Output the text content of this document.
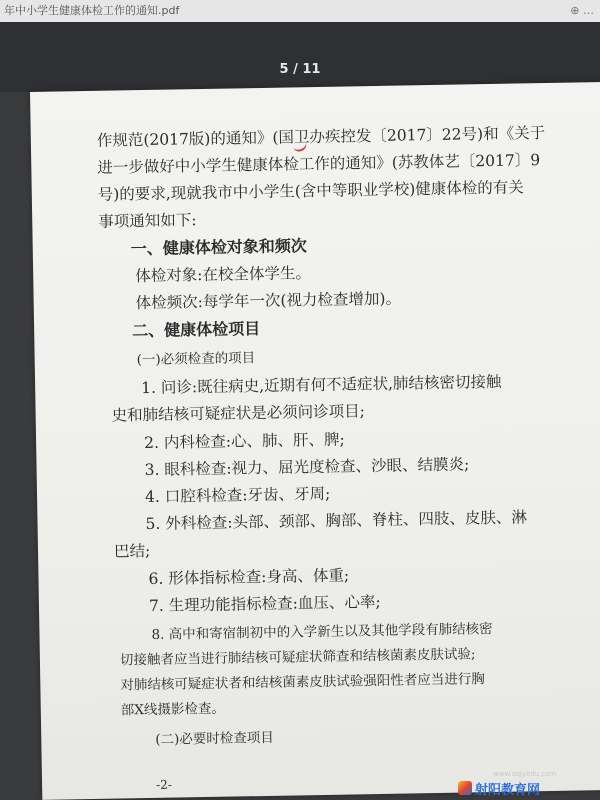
年中小学生健康体检工作的通知.pdf	⊕ …
5 / 11
作规范(2017版)的通知》(国卫办疾控发〔2017〕22号)和《关于
进一步做好中小学生健康体检工作的通知》(苏教体艺〔2017〕9
号)的要求,现就我市中小学生(含中等职业学校)健康体检的有关
事项通知如下:
一、健康体检对象和频次
体检对象:在校全体学生。
体检频次:每学年一次(视力检查增加)。
二、健康体检项目
(一)必须检查的项目
1. 问诊:既往病史,近期有何不适症状,肺结核密切接触
史和肺结核可疑症状是必须问诊项目;
2. 内科检查:心、肺、肝、脾;
3. 眼科检查:视力、屈光度检查、沙眼、结膜炎;
4. 口腔科检查:牙齿、牙周;
5. 外科检查:头部、颈部、胸部、脊柱、四肢、皮肤、淋
巴结;
6. 形体指标检查:身高、体重;
7. 生理功能指标检查:血压、心率;
8. 高中和寄宿制初中的入学新生以及其他学段有肺结核密
切接触者应当进行肺结核可疑症状筛查和结核菌素皮肤试验;
对肺结核可疑症状者和结核菌素皮肤试验强阳性者应当进行胸
部X线摄影检查。
(二)必要时检查项目
-2-
www.sqjyedu.com
射阳教育网
